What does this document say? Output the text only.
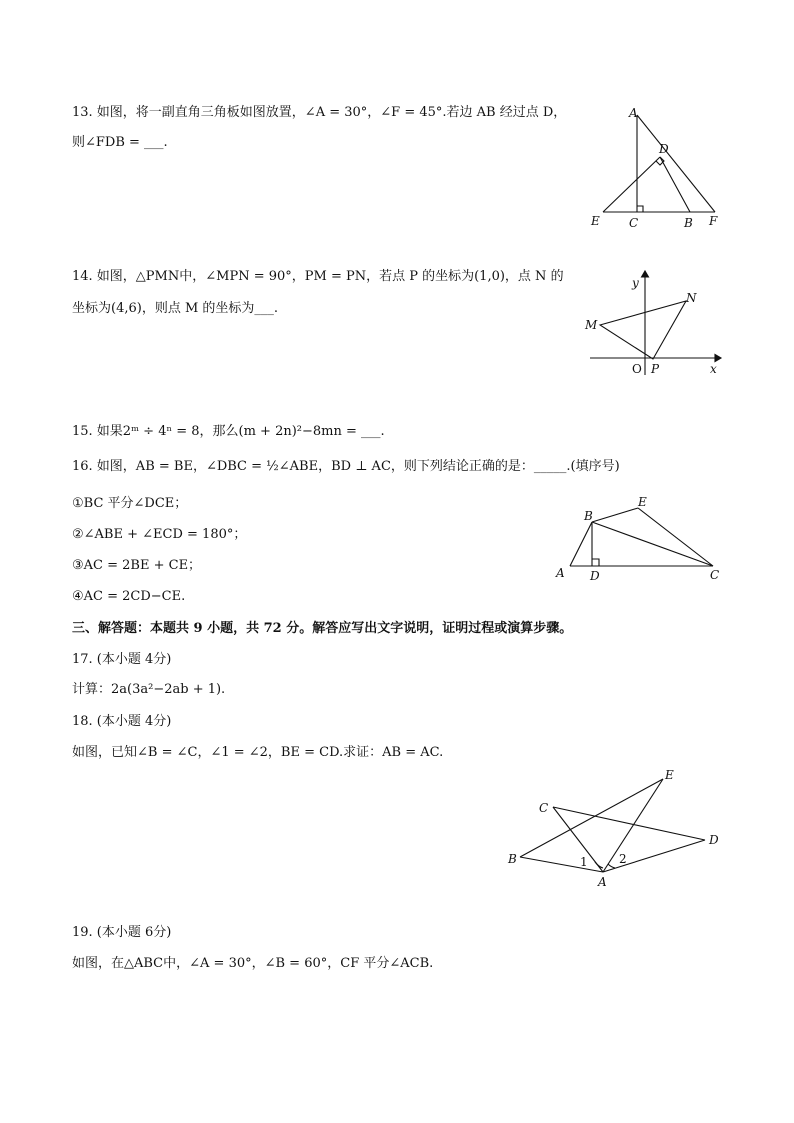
13. 如图，将一副直角三角板如图放置，∠A = 30°，∠F = 45°.若边 AB 经过点 D，
则∠FDB = ___.
A
D
E C	B F
14. 如图，△PMN中，∠MPN = 90°，PM = PN，若点 P 的坐标为(1,0)，点 N 的
坐标为(4,6)，则点 M 的坐标为___.
y
x
O P
M
N
15. 如果2ᵐ ÷ 4ⁿ = 8，那么(m + 2n)²−8mn = ___.
16. 如图，AB = BE，∠DBC = ½∠ABE，BD ⊥ AC，则下列结论正确的是：_____.(填序号)
①BC 平分∠DCE；
②∠ABE + ∠ECD = 180°；
③AC = 2BE + CE；
④AC = 2CD−CE.
B
E
A D	C
三、解答题：本题共 9 小题，共 72 分。解答应写出文字说明，证明过程或演算步骤。
17. (本小题 4分)
计算：2a(3a²−2ab + 1).
18. (本小题 4分)
如图，已知∠B = ∠C，∠1 = ∠2，BE = CD.求证：AB = AC.
C
E
D
B
A
1	2
19. (本小题 6分)
如图，在△ABC中，∠A = 30°，∠B = 60°，CF 平分∠ACB.
